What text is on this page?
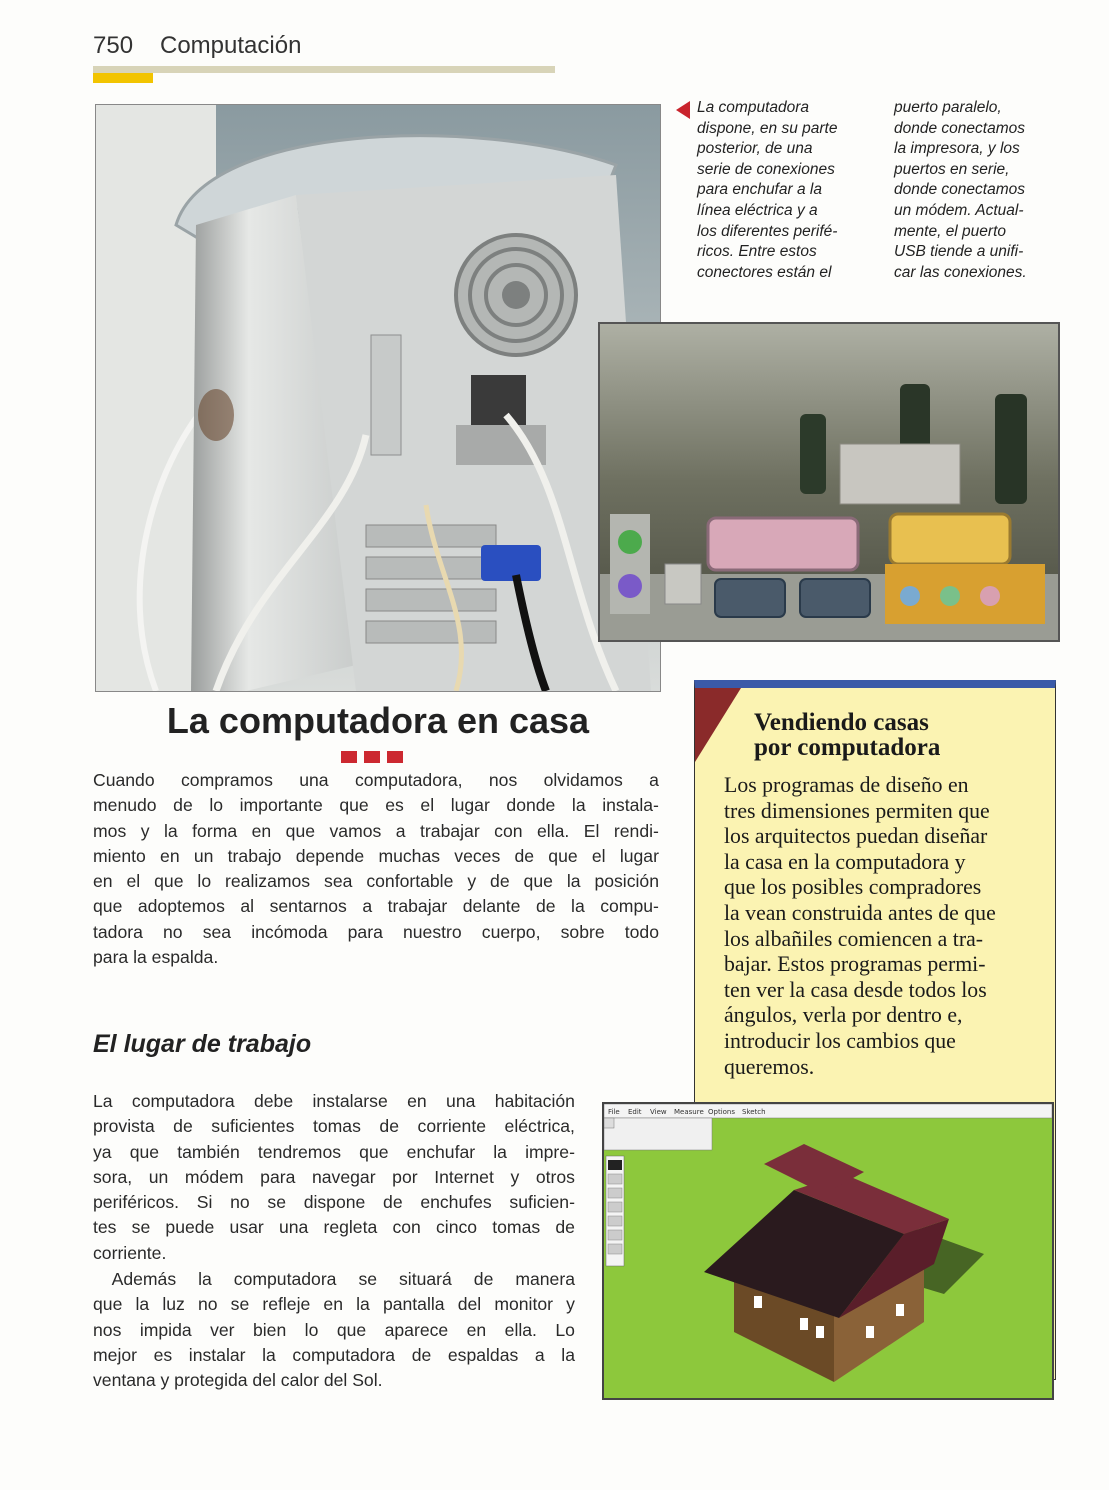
750 Computación
La computadora
dispone, en su parte
posterior, de una
serie de conexiones
para enchufar a la
línea eléctrica y a
los diferentes perifé-
ricos. Entre estos
conectores están el
puerto paralelo,
donde conectamos
la impresora, y los
puertos en serie,
donde conectamos
un módem. Actual-
mente, el puerto
USB tiende a unifi-
car las conexiones.
La computadora en casa
Cuando compramos una computadora, nos olvidamos a
menudo de lo importante que es el lugar donde la instala-
mos y la forma en que vamos a trabajar con ella. El rendi-
miento en un trabajo depende muchas veces de que el lugar
en el que lo realizamos sea confortable y de que la posición
que adoptemos al sentarnos a trabajar delante de la compu-
tadora no sea incómoda para nuestro cuerpo, sobre todo
para la espalda.
El lugar de trabajo
La computadora debe instalarse en una habitación
provista de suficientes tomas de corriente eléctrica,
ya que también tendremos que enchufar la impre-
sora, un módem para navegar por Internet y otros
periféricos. Si no se dispone de enchufes suficien-
tes se puede usar una regleta con cinco tomas de
corriente.
Además la computadora se situará de manera
que la luz no se refleje en la pantalla del monitor y
nos impida ver bien lo que aparece en ella. Lo
mejor es instalar la computadora de espaldas a la
ventana y protegida del calor del Sol.
Vendiendo casas
por computadora
Los programas de diseño en
tres dimensiones permiten que
los arquitectos puedan diseñar
la casa en la computadora y
que los posibles compradores
la vean construida antes de que
los albañiles comiencen a tra-
bajar. Estos programas permi-
ten ver la casa desde todos los
ángulos, verla por dentro e,
introducir los cambios que
queremos.
File Edit View Measure Options Sketch
